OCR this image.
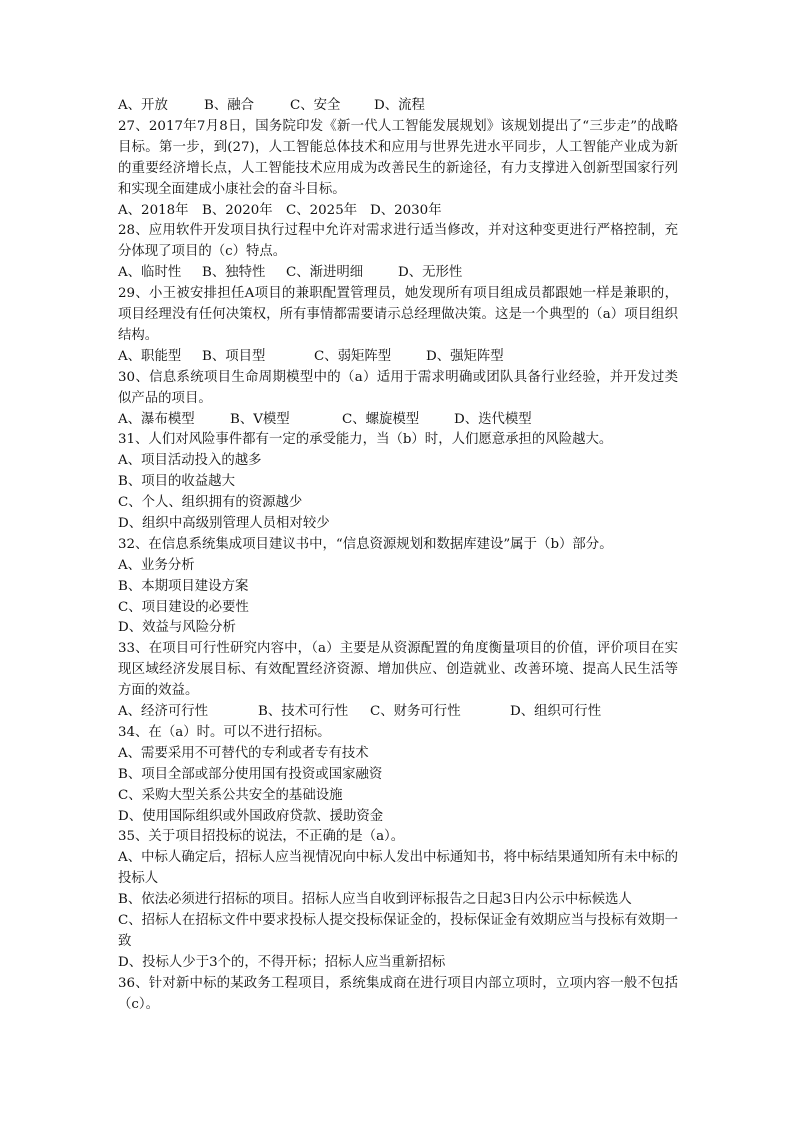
A、开放	B、融合	C、安全	D、流程
27、2017年7月8日，国务院印发《新一代人工智能发展规划》该规划提出了“三步走”的战略目标。第一步，到(27)，人工智能总体技术和应用与世界先进水平同步，人工智能产业成为新的重要经济增长点，人工智能技术应用成为改善民生的新途径，有力支撑进入创新型国家行列和实现全面建成小康社会的奋斗目标。
A、2018年	B、2020年 C、2025年 D、2030年
28、应用软件开发项目执行过程中允许对需求进行适当修改，并对这种变更进行严格控制，充分体现了项目的（c）特点。
A、临时性	B、独特性	C、渐进明细	D、无形性
29、小王被安排担任A项目的兼职配置管理员，她发现所有项目组成员都跟她一样是兼职的，项目经理没有任何决策权，所有事情都需要请示总经理做决策。这是一个典型的（a）项目组织结构。
A、职能型	B、项目型	C、弱矩阵型	D、强矩阵型
30、信息系统项目生命周期模型中的（a）适用于需求明确或团队具备行业经验，并开发过类似产品的项目。
A、瀑布模型	B、V模型	C、螺旋模型	D、迭代模型
31、人们对风险事件都有一定的承受能力，当（b）时，人们愿意承担的风险越大。
A、项目活动投入的越多
B、项目的收益越大
C、个人、组织拥有的资源越少
D、组织中高级别管理人员相对较少
32、在信息系统集成项目建议书中，“信息资源规划和数据库建设”属于（b）部分。
A、业务分析
B、本期项目建设方案
C、项目建设的必要性
D、效益与风险分析
33、在项目可行性研究内容中，（a）主要是从资源配置的角度衡量项目的价值，评价项目在实现区域经济发展目标、有效配置经济资源、增加供应、创造就业、改善环境、提高人民生活等方面的效益。
A、经济可行性	B、技术可行性	C、财务可行性	D、组织可行性
34、在（a）时。可以不进行招标。
A、需要采用不可替代的专利或者专有技术
B、项目全部或部分使用国有投资或国家融资
C、采购大型关系公共安全的基础设施
D、使用国际组织或外国政府贷款、援助资金
35、关于项目招投标的说法，不正确的是（a）。
A、中标人确定后，招标人应当视情况向中标人发出中标通知书，将中标结果通知所有未中标的投标人
B、依法必须进行招标的项目。招标人应当自收到评标报告之日起3日内公示中标候选人
C、招标人在招标文件中要求投标人提交投标保证金的，投标保证金有效期应当与投标有效期一致
D、投标人少于3个的，不得开标；招标人应当重新招标
36、针对新中标的某政务工程项目，系统集成商在进行项目内部立项时，立项内容一般不包括（c）。
